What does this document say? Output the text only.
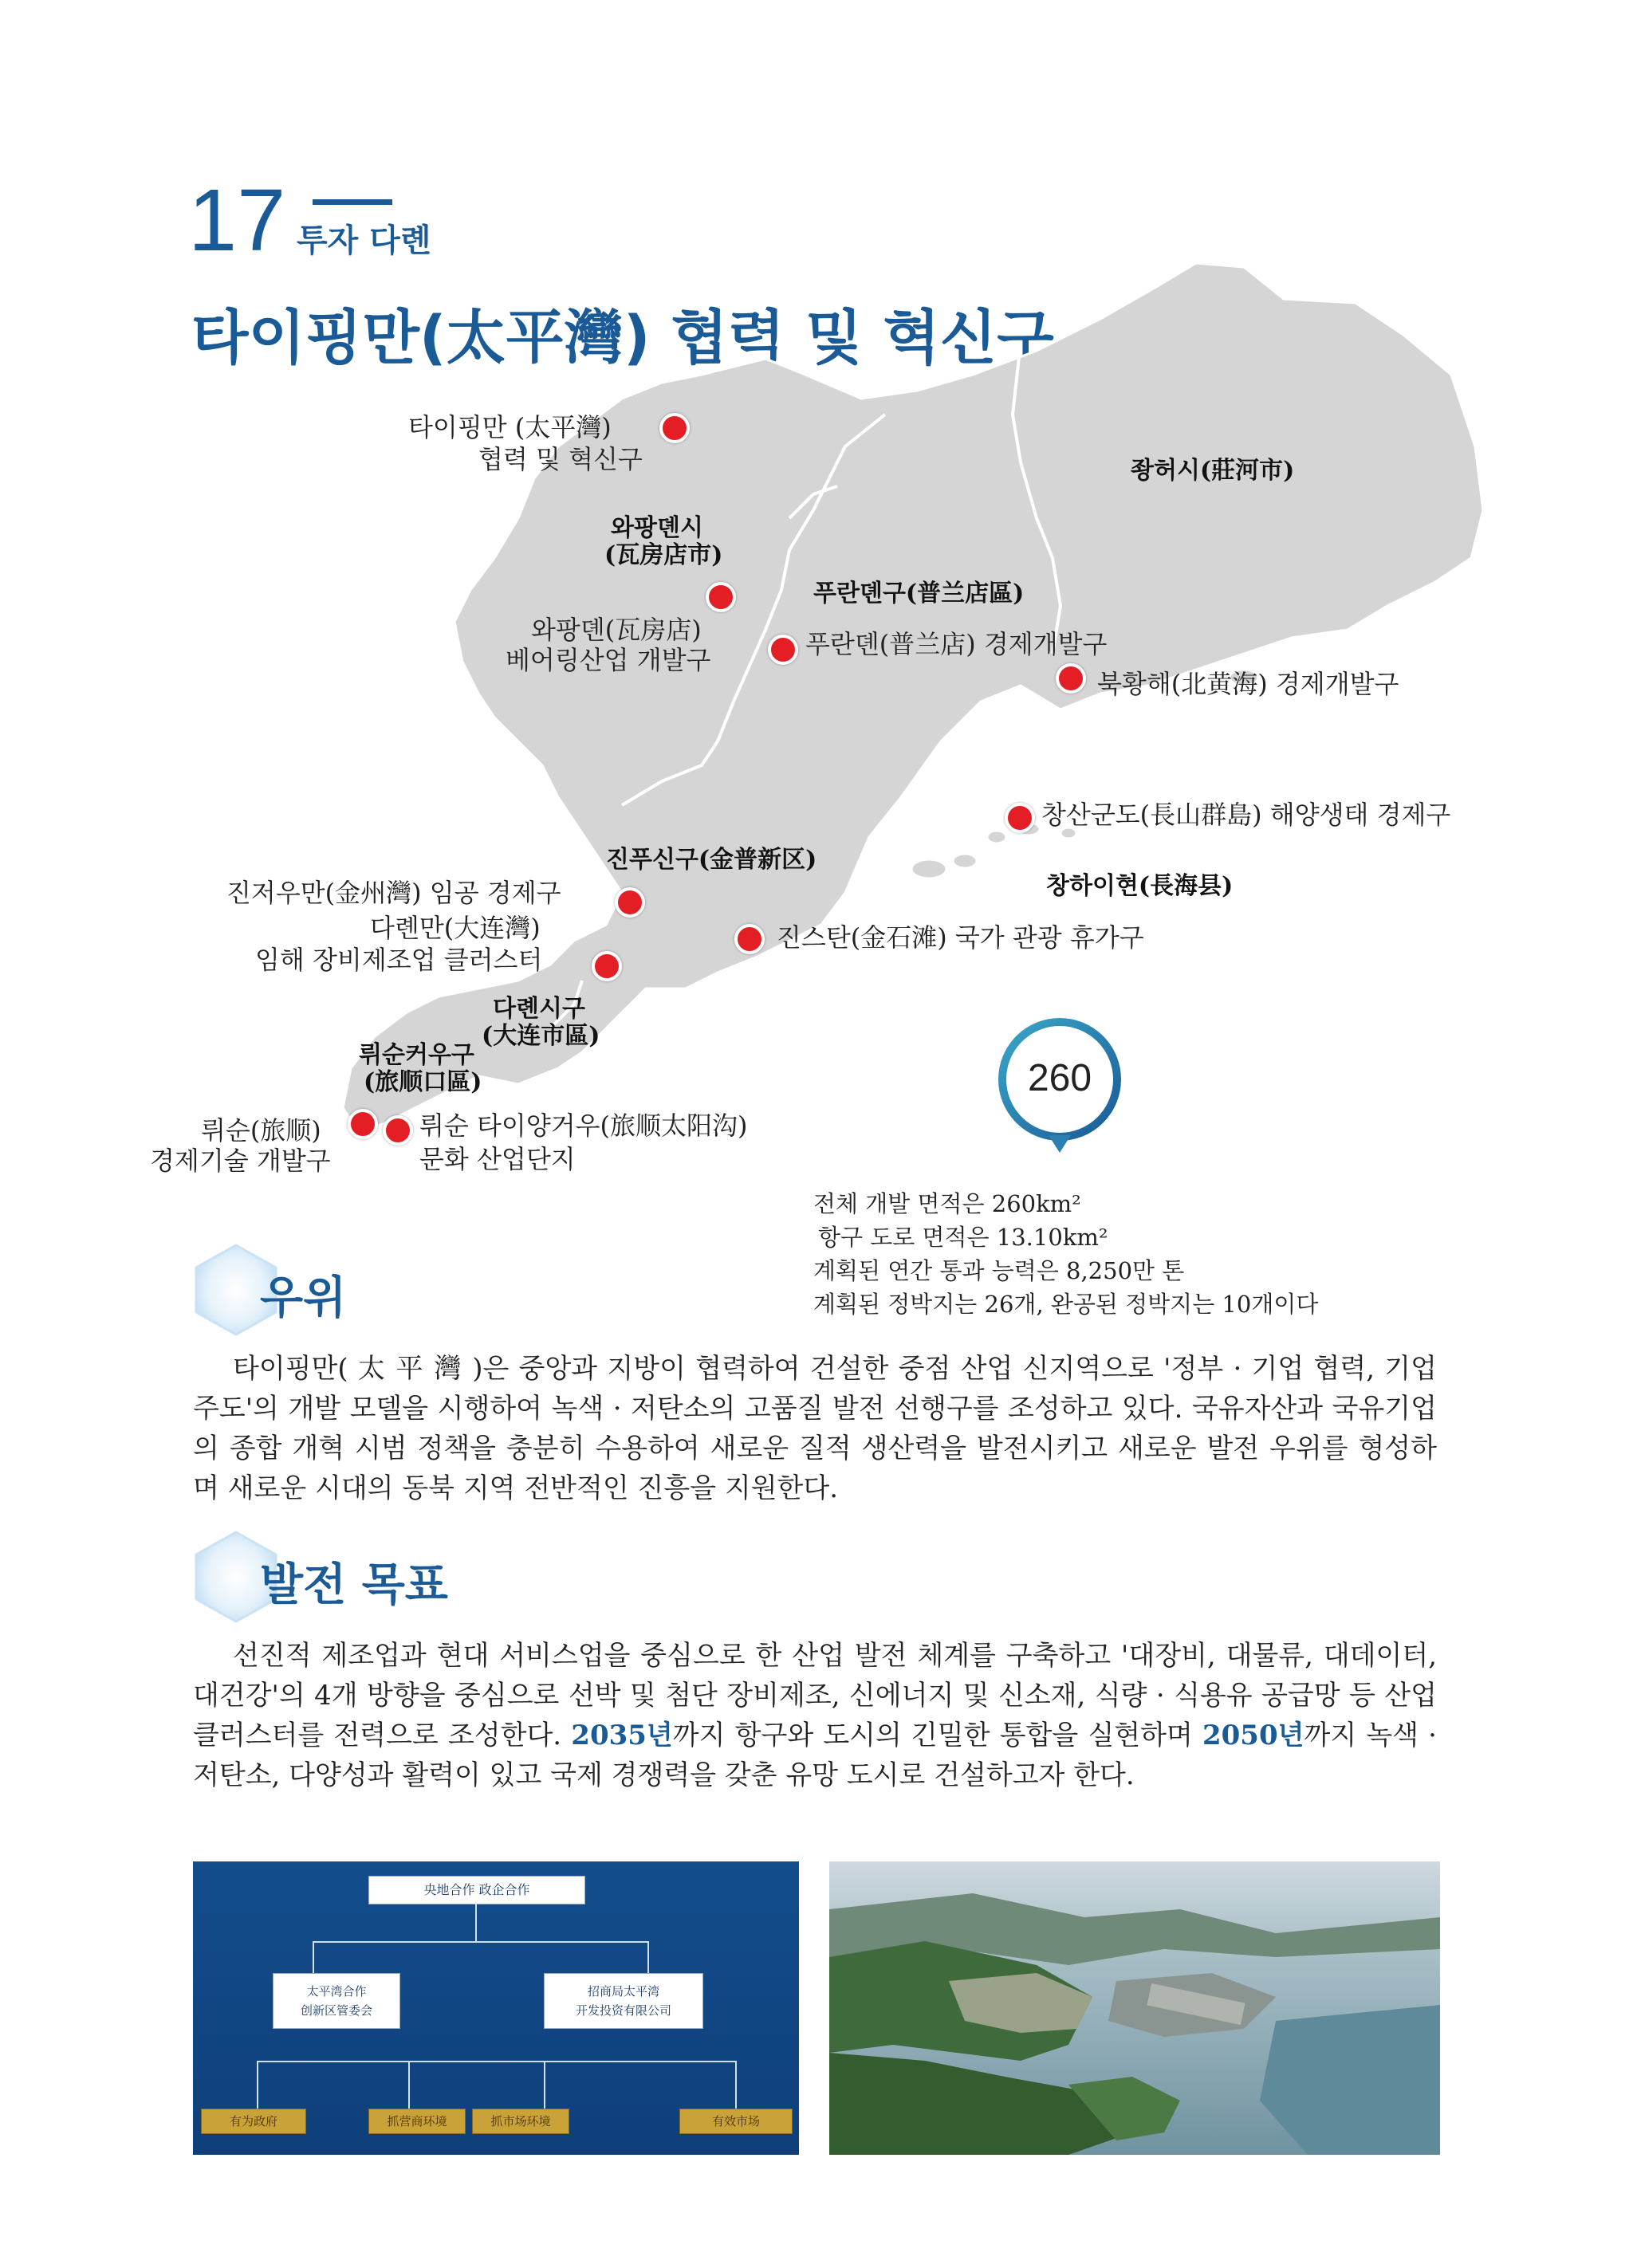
17 투자 다롄
타이핑만(太平灣) 협력 및 혁신구
좡허시(莊河市)
와팡뎬시
(瓦房店市)
푸란뎬구(普兰店區)
진푸신구(金普新区)
창하이현(長海县)
다롄시구
(大连市區)
뤼순커우구
(旅顺口區)
타이핑만 (太平灣)
협력 및 혁신구
와팡뎬(瓦房店)
베어링산업 개발구
푸란뎬(普兰店) 경제개발구
북황해(北黄海) 경제개발구
창산군도(長山群島) 해양생태 경제구
진저우만(金州灣) 임공 경제구
다롄만(大连灣)
임해 장비제조업 클러스터
진스탄(金石滩) 국가 관광 휴가구
뤼순(旅顺)
경제기술 개발구
뤼순 타이양거우(旅顺太阳沟)
문화 산업단지
260
전체 개발 면적은 260km²
항구 도로 면적은 13.10km²
계획된 연간 통과 능력은 8,250만 톤
계획된 정박지는 26개, 완공된 정박지는 10개이다
우위
타이핑만( 太 平 灣 )은 중앙과 지방이 협력하여 건설한 중점 산업 신지역으로 '정부 · 기업 협력, 기업 주도'의 개발 모델을 시행하여 녹색 · 저탄소의 고품질 발전 선행구를 조성하고 있다. 국유자산과 국유기업의 종합 개혁 시범 정책을 충분히 수용하여 새로운 질적 생산력을 발전시키고 새로운 발전 우위를 형성하며 새로운 시대의 동북 지역 전반적인 진흥을 지원한다.
발전 목표
선진적 제조업과 현대 서비스업을 중심으로 한 산업 발전 체계를 구축하고 '대장비, 대물류, 대데이터, 대건강'의 4개 방향을 중심으로 선박 및 첨단 장비제조, 신에너지 및 신소재, 식량 · 식용유 공급망 등 산업 클러스터를 전력으로 조성한다. 2035년까지 항구와 도시의 긴밀한 통합을 실현하며 2050년까지 녹색 · 저탄소, 다양성과 활력이 있고 국제 경쟁력을 갖춘 유망 도시로 건설하고자 한다.
央地合作 政企合作
太平湾合作
创新区管委会
招商局太平湾
开发投资有限公司
有为政府	抓营商环境	抓市场环境	有效市场
